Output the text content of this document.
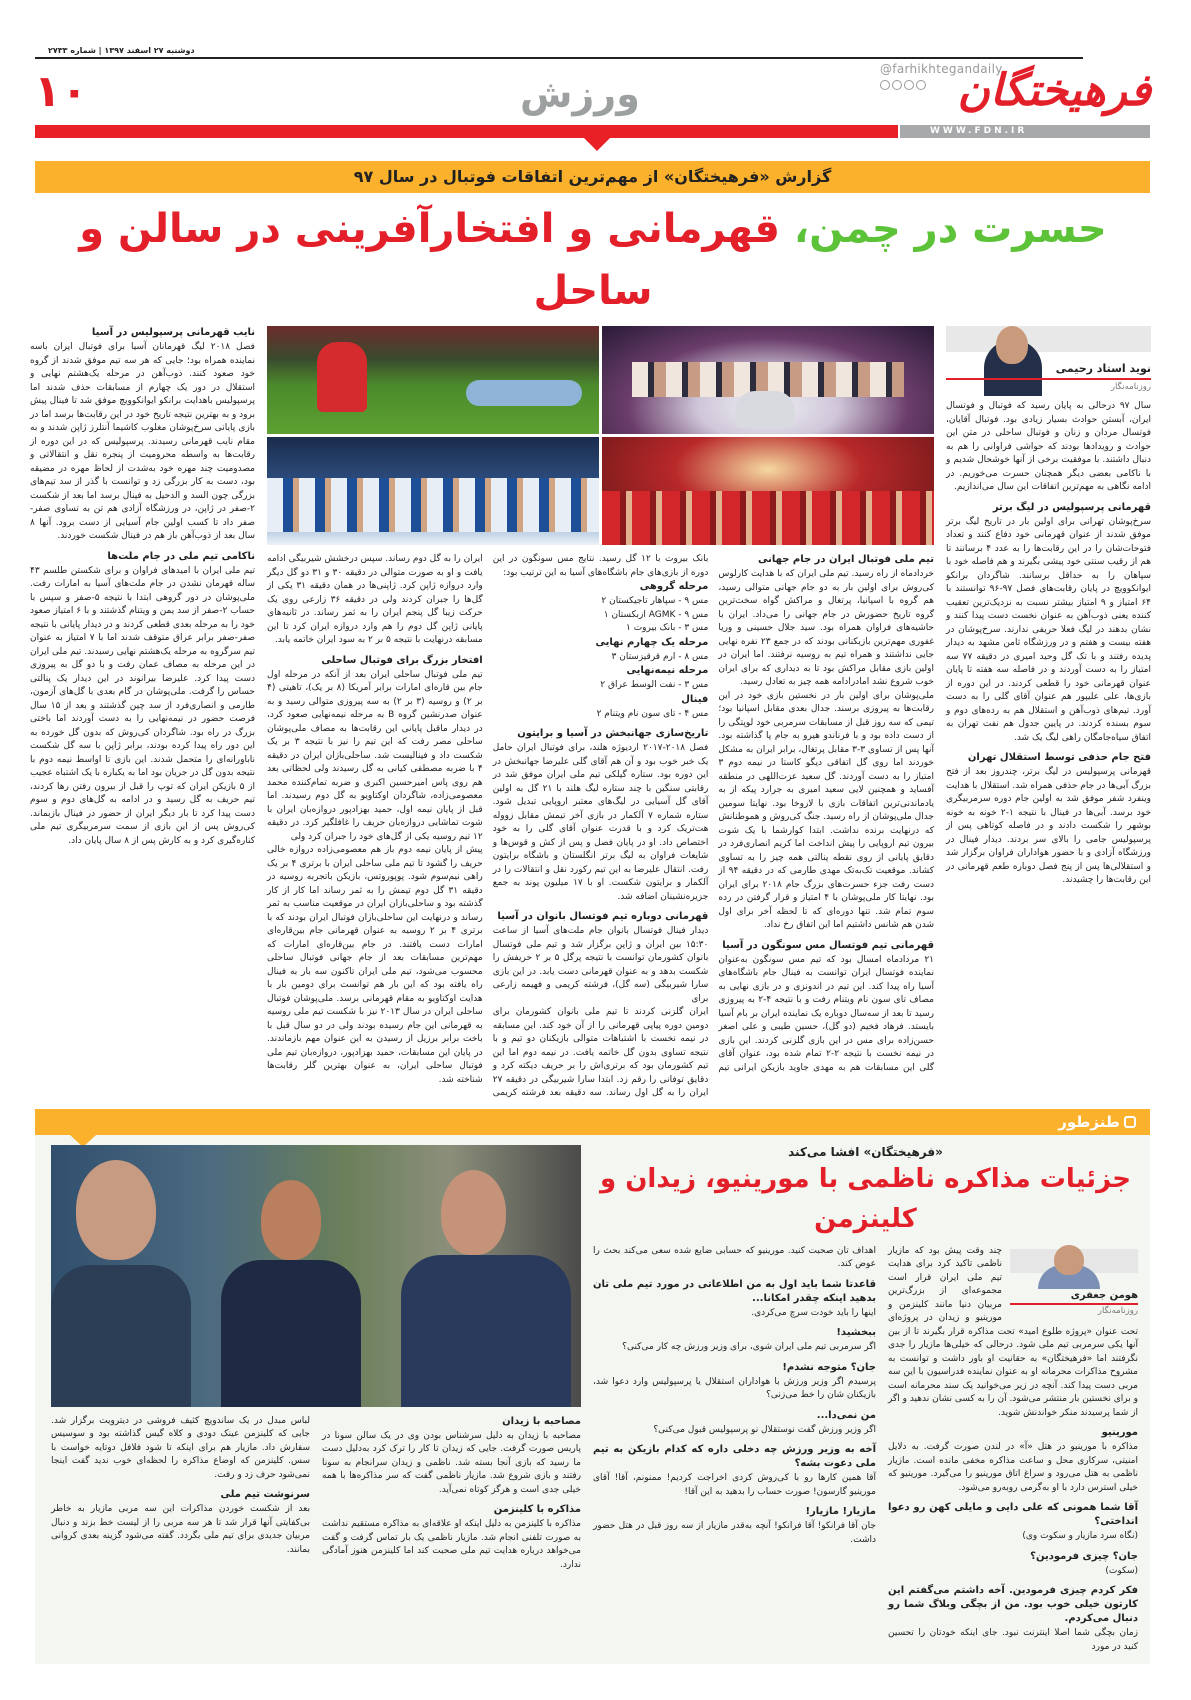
دوشنبه ۲۷ اسفند ۱۳۹۷ | شماره ۲۷۳۳
فرهیختگان
@farhikhtegandaily
۱۰	ورزش
WWW.FDN.IR
گزارش «فرهیختگان» از مهم‌ترین اتفاقات فوتبال در سال ۹۷
حسرت در چمن، قهرمانی و افتخارآفرینی در سالن و ساحل
نوید استاد رحیمی
روزنامه‌نگار

سال ۹۷ درحالی به پایان رسید که فوتبال و فوتسال ایران، آبستن حوادث بسیار زیادی بود. فوتبال آقایان، فوتسال مردان و زنان و فوتبال ساحلی در متن این حوادث و رویدادها بودند که حواشی فراوانی را هم به دنبال داشتند. با موفقیت برخی از آنها خوشحال شدیم و با ناکامی بعضی دیگر همچنان حسرت می‌خوریم. در ادامه نگاهی به مهم‌ترین اتفاقات این سال می‌اندازیم.

قهرمانی پرسپولیس در لیگ برتر

سرخ‌پوشان تهرانی برای اولین بار در تاریخ لیگ برتر موفق شدند از عنوان قهرمانی خود دفاع کنند و تعداد فتوحات‌شان را در این رقابت‌ها را به عدد ۴ برسانند تا هم از رقیب سنتی خود پیشی بگیرند و هم فاصله خود با سپاهان را به حداقل برسانند. شاگردان برانکو ایوانکوویچ در پایان رقابت‌های فصل ۹۷-۹۶ توانستند با ۶۴ امتیاز و ۹ امتیاز بیشتر نسبت به نزدیک‌ترین تعقیب کننده یعنی ذوب‌آهن به عنوان نخست دست پیدا کنند و نشان بدهند در لیگ فعلا حریفی ندارند. سرخ‌پوشان در هفته بیست و هفتم و در ورزشگاه ثامن مشهد به دیدار پدیده رفتند و با تک گل وحید امیری در دقیقه ۷۷ سه امتیاز را به دست آوردند و در فاصله سه هفته تا پایان عنوان قهرمانی خود را قطعی کردند. در این دوره از بازی‌ها، علی علیپور هم عنوان آقای گلی را به دست آورد. تیم‌های ذوب‌آهن و استقلال هم به رده‌های دوم و سوم بسنده کردند. در پایین جدول هم نفت تهران به اتفاق سیاه‌جامگان راهی لیگ یک شد.

فتح جام حذفی توسط استقلال تهران

قهرمانی پرسپولیس در لیگ برتر، چندروز بعد از فتح بزرگ آبی‌ها در جام حذفی همراه شد. استقلال با هدایت وینفرد شفر موفق شد به اولین جام دوره سرمربیگری خود برسد. آبی‌ها در فینال با نتیجه ۱-۲ خونه به خونه بوشهر را شکست دادند و در فاصله کوتاهی پس از پرسپولیس جامی را بالای سر بردند. دیدار فینال در ورزشگاه آزادی و با حضور هواداران فراوان برگزار شد و استقلالی‌ها پس از پنج فصل دوباره طعم قهرمانی در این رقابت‌ها را چشیدند.

تیم ملی فوتبال ایران در جام جهانی

خردادماه از راه رسید. تیم ملی ایران که با هدایت کارلوس کی‌روش برای اولین بار به دو جام جهانی متوالی رسید، هم گروه با اسپانیا، پرتغال و مراکش گواه سخت‌ترین گروه تاریخ حضورش در جام جهانی را می‌داد. ایران با حاشیه‌های فراوان همراه بود. سید جلال حسینی و وریا غفوری مهم‌ترین بازیکنانی بودند که در جمع ۲۳ نفره نهایی جایی نداشتند و همراه تیم به روسیه نرفتند. اما ایران در اولین بازی مقابل مراکش بود تا به دیداری که برای ایران خوب شروع نشد امادرادامه همه چیز به تعادل رسید.

ملی‌پوشان برای اولین بار در نخستین بازی خود در این رقابت‌ها به پیروزی برسند. جدال بعدی مقابل اسپانیا بود؛ تیمی که سه روز قبل از مسابقات سرمربی خود لوپتگی را از دست داده بود و با فرناندو هیرو به جام پا گذاشته بود. آنها پس از تساوی ۳-۳ مقابل پرتغال، برابر ایران به مشکل خوردند اما روی گل اتفاقی دیگو کاستا در نیمه دوم ۳ امتیاز را به دست آوردند. گل سعید عزت‌اللهی در منطقه آفساید و همچنین لایی سعید امیری به جرارد پیکه از به یادماندنی‌ترین اتفاقات بازی با لاروخا بود. نهایتا سومین جدال ملی‌پوشان از راه رسید. جنگ کی‌روش و هموطنانش که درنهایت برنده نداشت. ابتدا کوارشما با یک شوت بیرون تیم اروپایی را پیش انداخت اما کریم انصاری‌فرد در دقایق پایانی از روی نقطه پنالتی همه چیز را به تساوی کشاند. موقعیت تک‌به‌تک مهدی طارمی که در دقیقه ۹۴ از دست رفت جزء حسرت‌های بزرگ جام ۲۰۱۸ برای ایران بود. نهایتا کار ملی‌پوشان با ۴ امتیاز و قرار گرفتن در رده سوم تمام شد. تنها دوره‌ای که تا لحظه آخر برای اول شدن هم شانس داشتیم اما این اتفاق رخ نداد.

قهرمانی تیم فوتسال مس سونگون در آسیا

۲۱ مردادماه امسال بود که تیم مس سونگون به‌عنوان نماینده فوتسال ایران توانست به فینال جام باشگاه‌های آسیا راه پیدا کند. این تیم در اندونزی و در بازی نهایی به مصاف تای سون نام ویتنام رفت و با نتیجه ۴-۲ به پیروزی رسید تا بعد از سه‌سال دوباره یک نماینده ایران بر بام آسیا بایستد. فرهاد فخیم (دو گل)، حسین طیبی و علی اصغر حسن‌زاده برای مس در این بازی گلزنی کردند. این بازی در نیمه نخست با نتیجه ۲-۲ تمام شده بود، عنوان آقای گلی این مسابقات هم به مهدی جاوید بازیکن ایرانی تیم بانک بیروت با ۱۲ گل رسید. نتایج مس سونگون در این دوره از بازی‌های جام باشگاه‌های آسیا به این ترتیب بود:

مرحله گروهی

مس ۹ - سپاهار تاجیکستان ۲

مس ۹ - AGMK ازبکستان ۱

مس ۳ - بانک بیروت ۱

مرحله یک چهارم نهایی

مس ۸ - ارم قرقیزستان ۳

مرحله نیمه‌نهایی

مس ۳ - نفت الوسط عراق ۲

فینال

مس ۴ - تای سون نام ویتنام ۲

تاریخ‌سازی جهانبخش در آسیا و برایتون

فصل ۲۰۱۸-۲۰۱۷ اردیوژه هلند، برای فوتبال ایران حامل یک خبر خوب بود و آن هم آقای گلی علیرضا جهانبخش در این دوره بود. ستاره گیلکی تیم ملی ایران موفق شد در رقابتی سنگین با چند ستاره لیگ هلند با ۲۱ گل به اولین آقای گل آسیایی در لیگ‌های معتبر اروپایی تبدیل شود. ستاره شماره ۷ آلکمار در بازی آخر تیمش مقابل زووله هت‌تریک کرد و با قدرت عنوان آقای گلی را به خود اختصاص داد. او در پایان فصل و پس از کش و قوس‌ها و شایعات فراوان به لیگ برتر انگلستان و باشگاه برایتون رفت. انتقال علیرضا به این تیم رکورد نقل و انتقالات را در آلکمار و برایتون شکست. او با ۱۷ میلیون پوند به جمع جزیره‌نشینان اضافه شد.

قهرمانی دوباره تیم فوتسال بانوان در آسیا

دیدار فینال فوتسال بانوان جام ملت‌های آسیا از ساعت ۱۵:۳۰ بین ایران و ژاپن برگزار شد و تیم ملی فوتسال بانوان کشورمان توانست با نتیجه پرگل ۵ بر ۲ حریفش را شکست بدهد و به عنوان قهرمانی دست یابد. در این بازی سارا شیربیگی (سه گل)، فرشته کریمی و فهیمه زارعی برای

ایران گلزنی کردند تا تیم ملی بانوان کشورمان برای دومین دوره پیاپی قهرمانی را از آن خود کند. این مسابقه در نیمه نخست با اشتباهات متوالی بازیکنان دو تیم و با نتیجه تساوی بدون گل خاتمه یافت. در نیمه دوم اما این تیم کشورمان بود که برتری‌اش را بر حریف دیکته کرد و دقایق توفانی را رقم زد. ابتدا سارا شیربیگی در دقیقه ۲۷ ایران را به گل اول رساند. سه دقیقه بعد فرشته کریمی ایران را به گل دوم رساند. سپس درخشش شیربیگی ادامه یافت و او به صورت متوالی در دقیقه ۳۰ و ۳۱ دو گل دیگر وارد دروازه ژاپن کرد. ژاپنی‌ها در همان دقیقه ۳۱ یکی از گل‌ها را جبران کردند ولی در دقیقه ۳۶ زارعی روی یک حرکت زیبا گل پنجم ایران را به ثمر رساند. در ثانیه‌های پایانی ژاپن گل دوم را هم وارد دروازه ایران کرد تا این مسابقه درنهایت با نتیجه ۵ بر ۲ به سود ایران خاتمه یابد.

افتخار بزرگ برای فوتبال ساحلی

تیم ملی فوتبال ساحلی ایران بعد از آنکه در مرحله اول جام بین قاره‌ای امارات برابر آمریکا (۸ بر یک)، تاهیتی (۴ بر ۲) و روسیه (۳ بر ۲) به سه پیروزی متوالی رسید و به عنوان صدرنشین گروه B به مرحله نیمه‌نهایی صعود کرد، در دیدار ماقبل پایانی این رقابت‌ها به مصاف ملی‌پوشان ساحلی مصر رفت که این تیم را نیز با نتیجه ۳ بر یک شکست داد و فینالیست شد. ساحلی‌بازان ایران در دقیقه ۴ با ضربه مصطفی کیانی به گل رسیدند ولی لحظاتی بعد هم روی پاس امیرحسین اکبری و ضربه تمام‌کننده محمد معصومی‌زاده، شاگردان اوکتاویو به گل دوم رسیدند. اما قبل از پایان نیمه اول، حمید بهزادپور دروازه‌بان ایران با شوت تماشایی دروازه‌بان حریف را غافلگیر کرد. در دقیقه ۱۲ تیم روسیه یکی از گل‌های خود را جبران کرد ولی

پیش از پایان نیمه دوم باز هم معصومی‌زاده دروازه خالی حریف را گشود تا تیم ملی ساحلی ایران با برتری ۴ بر یک راهی نیم‌سوم شود. پوپوروتس، بازیکن باتجربه روسیه در دقیقه ۳۱ گل دوم تیمش را به ثمر رساند اما کار از کار گذشته بود و ساحلی‌بازان ایران در موقعیت مناسب به ثمر رساند و درنهایت این ساحلی‌بازان فوتبال ایران بودند که با برتری ۴ بر ۲ روسیه به عنوان قهرمانی جام بین‌قاره‌ای امارات دست یافتند. در جام بین‌قاره‌ای امارات که مهم‌ترین مسابقات بعد از جام جهانی فوتبال ساحلی محسوب می‌شود، تیم ملی ایران تاکنون سه بار به فینال راه یافته بود که این بار هم توانست برای دومین بار با هدایت اوکتاویو به مقام قهرمانی برسد. ملی‌پوشان فوتبال ساحلی ایران در سال ۲۰۱۳ نیز با شکست تیم ملی روسیه به قهرمانی این جام رسیده بودند ولی در دو سال قبل با باخت برابر برزیل از رسیدن به این عنوان مهم بازماندند. در پایان این مسابقات، حمید بهزادپور، دروازه‌بان تیم ملی فوتبال ساحلی ایران، به عنوان بهترین گلر رقابت‌ها شناخته شد.

نایب قهرمانی پرسپولیس در آسیا

فصل ۲۰۱۸ لیگ قهرمانان آسیا برای فوتبال ایران باسه نماینده همراه بود؛ جایی که هر سه تیم موفق شدند از گروه خود صعود کنند. ذوب‌آهن در مرحله یک‌هشتم نهایی و استقلال در دور یک چهارم از مسابقات حذف شدند اما پرسپولیس باهدایت برانکو ایوانکوویچ موفق شد تا فینال پیش برود و به بهترین نتیجه تاریخ خود در این رقابت‌ها برسد اما در بازی پایانی سرخ‌پوشان مغلوب کاشیما آنتلرز ژاپن شدند و به مقام نایب قهرمانی رسیدند. پرسپولیس که در این دوره از رقابت‌ها به واسطه محرومیت از پنجره نقل و انتقالاتی و مصدومیت چند مهره خود به‌شدت از لحاظ مهره در مضیقه بود، دست به کار بزرگی زد و توانست با گذر از سد تیم‌های بزرگی چون السد و الدحیل به فینال برسد اما بعد از شکست ۲-صفر در ژاپن، در ورزشگاه آزادی هم تن به تساوی صفر-صفر داد تا کسب اولین جام آسیایی از دست برود. آنها ۸ سال بعد از ذوب‌آهن باز هم در فینال شکست خوردند.

ناکامی تیم ملی در جام ملت‌ها

تیم ملی ایران با امیدهای فراوان و برای شکستن طلسم ۴۳ ساله قهرمان نشدن در جام ملت‌های آسیا به امارات رفت. ملی‌پوشان در دور گروهی ابتدا با نتیجه ۵-صفر و سپس با حساب ۲-صفر از سد یمن و ویتنام گذشتند و با ۶ امتیاز صعود خود را به مرحله بعدی قطعی کردند و در دیدار پایانی با نتیجه صفر-صفر برابر عراق متوقف شدند اما با ۷ امتیاز به عنوان تیم سرگروه به مرحله یک‌هشتم نهایی رسیدند. تیم ملی ایران در این مرحله به مصاف عمان رفت و با دو گل به پیروزی دست پیدا کرد. علیرضا بیرانوند در این دیدار یک پنالتی حساس را گرفت. ملی‌پوشان در گام بعدی با گل‌های آزمون، طارمی و انصاری‌فرد از سد چین گذشتند و بعد از ۱۵ سال فرصت حضور در نیمه‌نهایی را به دست آوردند اما باختی بزرگ در راه بود. شاگردان کی‌روش که بدون گل خورده به این دور راه پیدا کرده بودند، برابر ژاپن با سه گل شکست ناباورانه‌ای را متحمل شدند. این بازی تا اواسط نیمه دوم با نتیجه بدون گل در جریان بود اما به یکباره با یک اشتباه عجیب از ۵ بازیکن ایران که توپ را قبل از بیرون رفتن رها کردند، تیم حریف به گل رسید و در ادامه به گل‌های دوم و سوم دست پیدا کرد تا بار دیگر ایران از حضور در فینال بازبماند. کی‌روش پس از این بازی از سمت سرمربیگری تیم ملی کناره‌گیری کرد و به کارش پس از ۸ سال پایان داد.

طنزطور
«فرهیختگان» افشا می‌کند
جزئیات مذاکره ناظمی با مورینیو، زیدان و کلینزمن
هومن جعفری
روزنامه‌نگار

چند وقت پیش بود که مازیار ناظمی تاکید کرد برای هدایت تیم ملی ایران قرار است مجموعه‌ای از بزرگ‌ترین مربیان دنیا مانند کلینزمن و مورینیو و زیدان در پروژه‌ای تحت عنوان «پروژه طلوع امید» تحت مذاکره قرار بگیرند تا از بین آنها یکی سرمربی تیم ملی شود. درحالی که خیلی‌ها مازیار را جدی نگرفتند اما «فرهیختگان» به حقانیت او باور داشت و توانست به مشروح مذاکرات محرمانه او به عنوان نماینده فدراسیون با این سه مربی دست پیدا کند. آنچه در زیر می‌خوانید یک سند محرمانه است و برای نخستین بار منتشر می‌شود. آن را به کسی نشان ندهید و اگر از شما پرسیدند منکر خواندنش شوید.

مورینیو

مذاکره با مورینیو در هتل «آ» در لندن صورت گرفت. به دلایل امنیتی، سرکاری محل و ساعت مذاکره مخفی مانده است. مازیار ناظمی به هتل می‌رود و سراغ اتاق مورینیو را می‌گیرد. مورینیو که خیلی استرس دارد با او به‌گرمی روبه‌رو می‌شود.

آقا شما همونی که علی دایی و مایلی کهن رو دعوا انداختی؟

(نگاه سرد مازیار و سکوت وی)

جان؟ چیزی فرمودین؟

(سکوت)

فکر کردم چیزی فرمودین. آخه داشتم می‌گفتم این کارتون خیلی خوب بود. من از بچگی وبلاگ شما رو دنبال می‌کردم.

زمان بچگی شما اصلا اینترنت نبود. جای اینکه خودتان را تحسین کنید در مورد

اهداف تان صحبت کنید. مورینیو که حسابی ضایع شده سعی می‌کند بحث را عوض کند.

قاعدتا شما باید اول به من اطلاعاتی در مورد تیم ملی تان بدهید اینکه چقدر امکانا...

اینها را باید خودت سرچ می‌کردی.

ببخشید!

اگر سرمربی تیم ملی ایران شوی، برای وزیر ورزش چه کار می‌کنی؟

جان؟ متوجه نشدم!

پرسیدم اگر وزیر ورزش با هواداران استقلال یا پرسپولیس وارد دعوا شد، بازیکنان شان را خط می‌زنی؟

من نمی‌دا...

اگر وزیر ورزش گفت نوستقلال نو پرسپولیس قبول می‌کنی؟

آخه به وزیر ورزش چه دخلی داره که کدام بازیکن به تیم ملی دعوت بشه؟

آقا همین کارها رو با کی‌روش کردی اخراجت کردیم! ممنونم، آقا! آقای مورینیو گارسون! صورت حساب را بدهید به این آقا!

مازیار! مازیار!

جان آقا فرانکو! آقا فرانکو! آنچه به‌قدر مازیار از سه روز قبل در هتل حضور داشت.

مصاحبه با زیدان

مصاحبه با زیدان به دلیل سرشناس بودن وی در یک سالن سونا در پاریس صورت گرفت. جایی که زیدان تا کار را ترک کرد به‌دلیل دست ما رسید که بازی آنجا بسته شد. ناظمی و زیدان سرانجام به سونا رفتند و بازی شروع شد. مازیار ناظمی گفت که سر مذاکره‌ها با همه خیلی جدی است و هرگز کوتاه نمی‌آید.

مذاکره با کلینزمن

مذاکره با کلینزمن به دلیل اینکه او علاقه‌ای به مذاکره مستقیم نداشت به صورت تلفنی انجام شد. مازیار ناظمی یک بار تماس گرفت و گفت می‌خواهد درباره هدایت تیم ملی صحبت کند اما کلینزمن هنوز آمادگی ندارد.

لباس مبدل در یک ساندویچ کثیف فروشی در دیترویت برگزار شد. جایی که کلینزمن عینک دودی و کلاه گیس گذاشته بود و سوسیس سفارش داد. مازیار هم برای اینکه تا شود فلافل دوتایه خواست با سس. کلینزمن که اوضاع مذاکره را لحظه‌ای خوب ندید گفت اینجا نمی‌شود حرف زد و رفت.

سرنوشت تیم ملی

بعد از شکست خوردن مذاکرات این سه مربی مازیار به خاطر بی‌کفایتی آنها قرار شد تا هر سه مربی را از لیست خط بزند و دنبال مربیان جدیدی برای تیم ملی بگردد. گفته می‌شود گزینه بعدی کروانی بمانند.
